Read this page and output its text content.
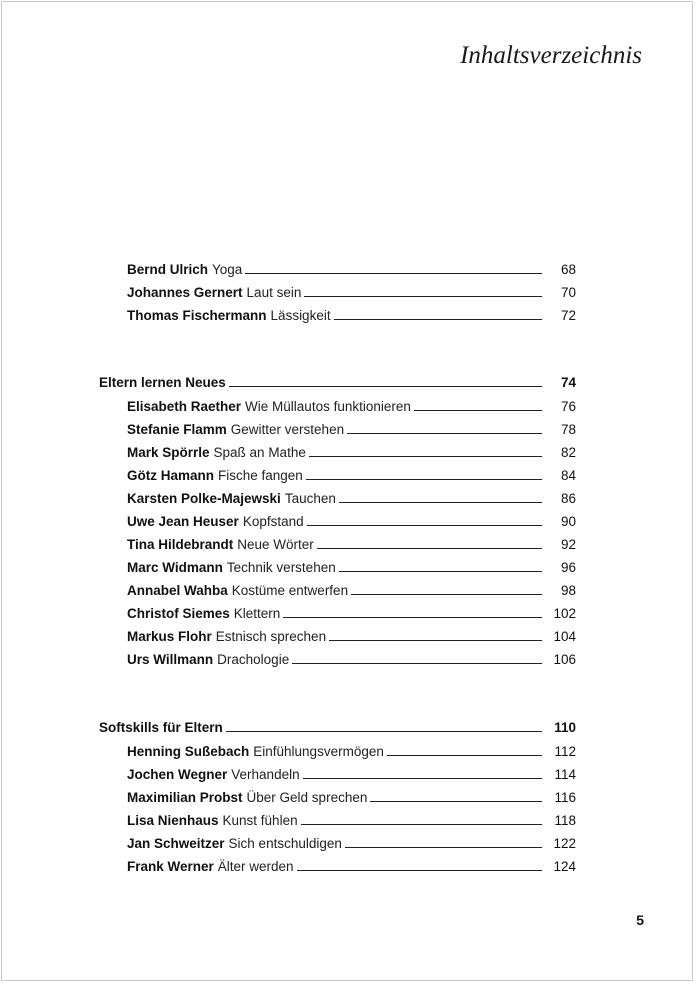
Inhaltsverzeichnis
Bernd Ulrich Yoga	68
Johannes Gernert Laut sein	70
Thomas Fischermann Lässigkeit	72
Eltern lernen Neues	74
Elisabeth Raether Wie Müllautos funktionieren	76
Stefanie Flamm Gewitter verstehen	78
Mark Spörrle Spaß an Mathe	82
Götz Hamann Fische fangen	84
Karsten Polke-Majewski Tauchen	86
Uwe Jean Heuser Kopfstand	90
Tina Hildebrandt Neue Wörter	92
Marc Widmann Technik verstehen	96
Annabel Wahba Kostüme entwerfen	98
Christof Siemes Klettern	102
Markus Flohr Estnisch sprechen	104
Urs Willmann Drachologie	106
Softskills für Eltern	110
Henning Sußebach Einfühlungsvermögen	112
Jochen Wegner Verhandeln	114
Maximilian Probst Über Geld sprechen	116
Lisa Nienhaus Kunst fühlen	118
Jan Schweitzer Sich entschuldigen	122
Frank Werner Älter werden	124
5
